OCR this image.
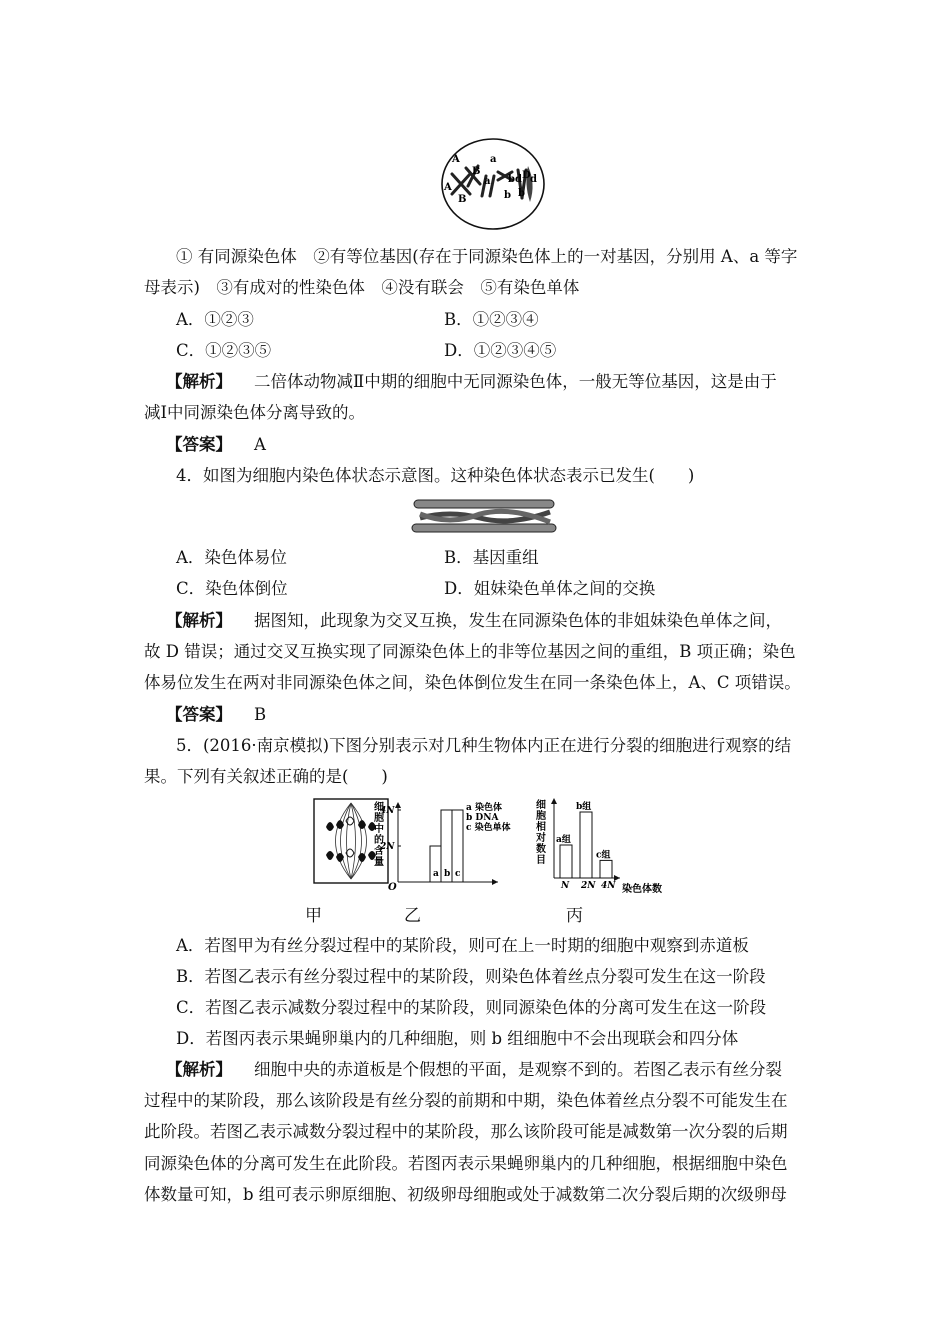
A	a
B
A
a
B	b
b d D d
b
① 有同源染色体　②有等位基因(存在于同源染色体上的一对基因，分别用 A、a 等字
母表示)　③有成对的性染色体　④没有联会　⑤有染色单体
A．①②③	B．①②③④
C．①②③⑤	D．①②③④⑤
【解析】 二倍体动物减Ⅱ中期的细胞中无同源染色体，一般无等位基因，这是由于
减Ⅰ中同源染色体分离导致的。
【答案】 A
4．如图为细胞内染色体状态示意图。这种染色体状态表示已发生(　　)
A．染色体易位	B．基因重组
C．染色体倒位	D．姐妹染色单体之间的交换
【解析】 据图知，此现象为交叉互换，发生在同源染色体的非姐妹染色单体之间，
故 D 错误；通过交叉互换实现了同源染色体上的非等位基因之间的重组，B 项正确；染色
体易位发生在两对非同源染色体之间，染色体倒位发生在同一条染色体上，A、C 项错误。
【答案】 B
5．(2016·南京模拟)下图分别表示对几种生物体内正在进行分裂的细胞进行观察的结
果。下列有关叙述正确的是(　　)
细
胞
中
的
含
量
O
2N
4N
a b c
a 染色体
b DNA
c 染色单体
细
胞
相
对
数
目
a组
b组
c组
N 2N 4N 染色体数
甲	乙	丙
A．若图甲为有丝分裂过程中的某阶段，则可在上一时期的细胞中观察到赤道板
B．若图乙表示有丝分裂过程中的某阶段，则染色体着丝点分裂可发生在这一阶段
C．若图乙表示减数分裂过程中的某阶段，则同源染色体的分离可发生在这一阶段
D．若图丙表示果蝇卵巢内的几种细胞，则 b 组细胞中不会出现联会和四分体
【解析】 细胞中央的赤道板是个假想的平面，是观察不到的。若图乙表示有丝分裂
过程中的某阶段，那么该阶段是有丝分裂的前期和中期，染色体着丝点分裂不可能发生在
此阶段。若图乙表示减数分裂过程中的某阶段，那么该阶段可能是减数第一次分裂的后期
同源染色体的分离可发生在此阶段。若图丙表示果蝇卵巢内的几种细胞，根据细胞中染色
体数量可知，b 组可表示卵原细胞、初级卵母细胞或处于减数第二次分裂后期的次级卵母
